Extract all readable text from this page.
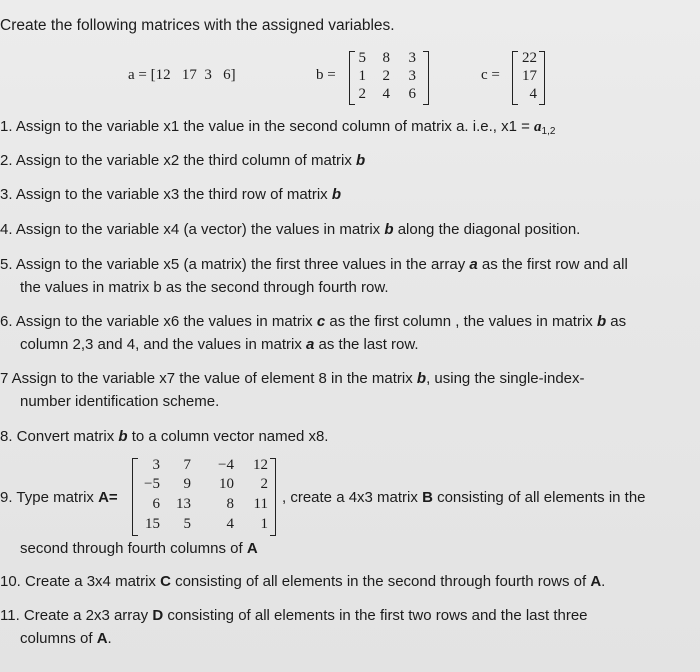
Create the following matrices with the assigned variables.
a = [12   17  3   6]	b =
5 8 3
1 2 3
2 4 6
c =
22
17
4
1. Assign to the variable x1 the value in the second column of matrix a. i.e., $x1 = a_{1,2}$
2. Assign to the variable x2 the third column of matrix b
3. Assign to the variable x3 the third row of matrix b
4. Assign to the variable x4 (a vector) the values in matrix b along the diagonal position.
5. Assign to the variable x5 (a matrix) the first three values in the array a as the first row and all
the values in matrix b as the second through fourth row.
6. Assign to the variable x6 the values in matrix c as the first column , the values in matrix b as
column 2,3 and 4, and the values in matrix a as the last row.
7 Assign to the variable x7 the value of element 8 in the matrix b, using the single-index-
number identification scheme.
8. Convert matrix b to a column vector named x8.
9. Type matrix A=
3 7 −4 12
−5 9 10 2
6 13 8 11
15 5 4 1
, create a 4x3 matrix B consisting of all elements in the
second through fourth columns of A
10. Create a 3x4 matrix C consisting of all elements in the second through fourth rows of A.
11. Create a 2x3 array D consisting of all elements in the first two rows and the last three
columns of A.
